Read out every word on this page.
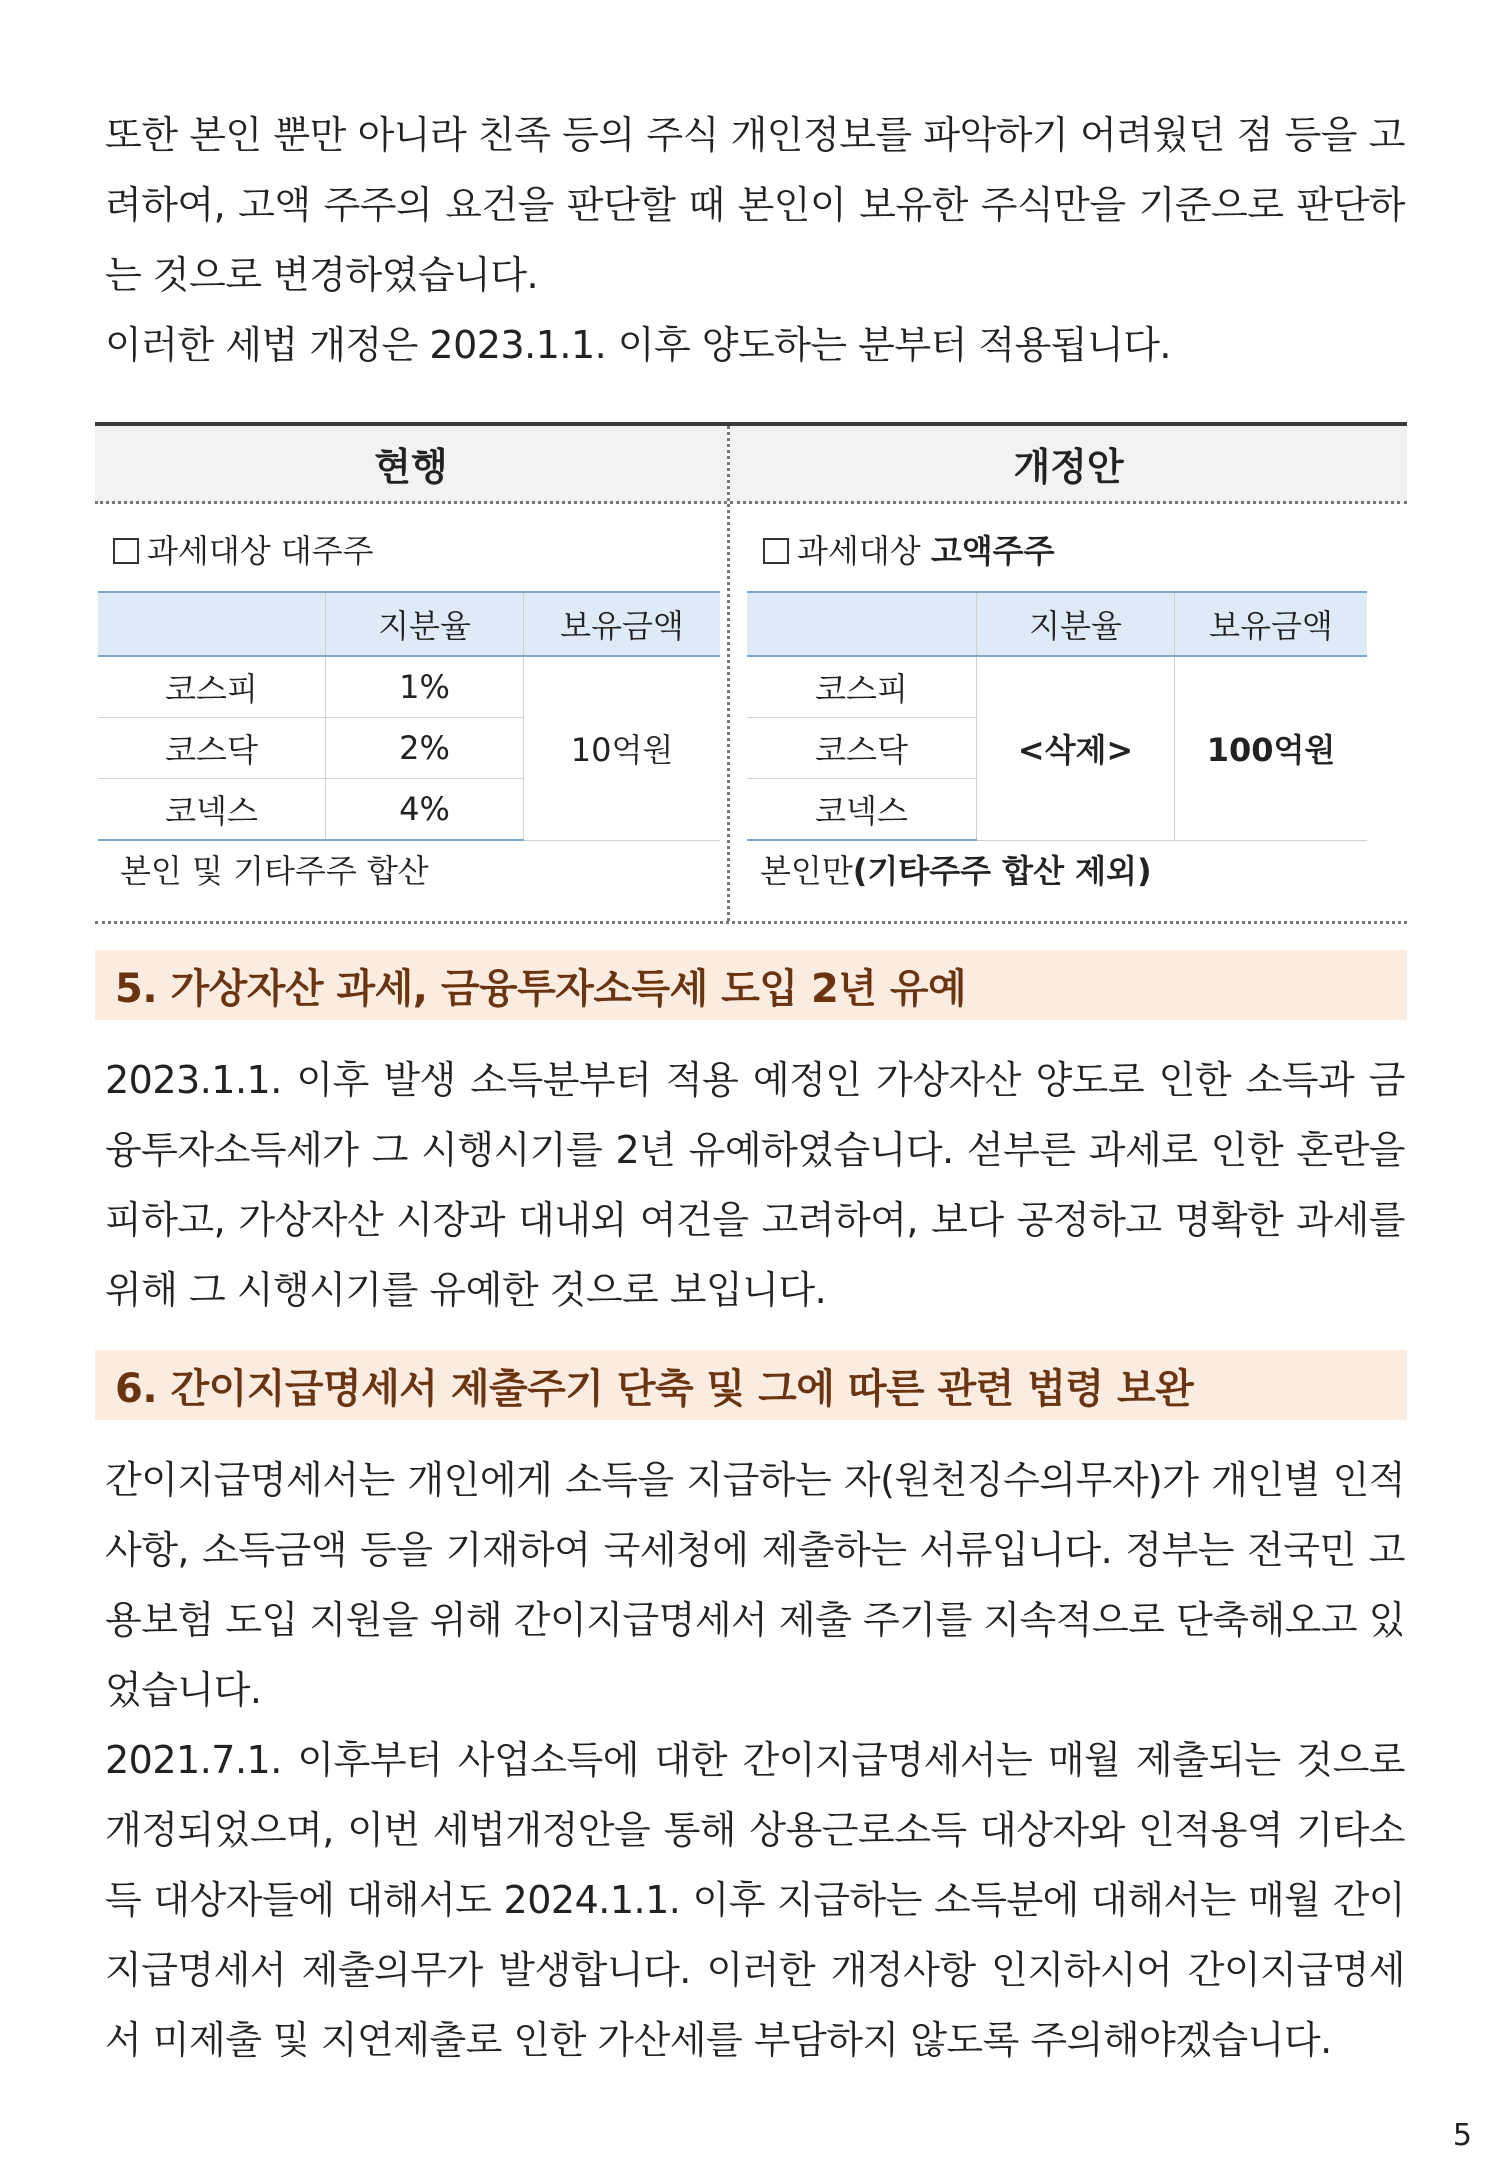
또한 본인 뿐만 아니라 친족 등의 주식 개인정보를 파악하기 어려웠던 점 등을 고려하여, 고액 주주의 요건을 판단할 때 본인이 보유한 주식만을 기준으로 판단하는 것으로 변경하였습니다.

이러한 세법 개정은 2023.1.1. 이후 양도하는 분부터 적용됩니다.

현행
과세대상 대주주
	지분율	보유금액
코스피	1%	10억원
코스닥	2%	
코넥스	4%	
본인 및 기타주주 합산
개정안
과세대상 고액주주
	지분율	보유금액
코스피	<삭제>	100억원
코스닥		
코넥스		
본인만(기타주주 합산 제외)
5. 가상자산 과세, 금융투자소득세 도입 2년 유예

2023.1.1. 이후 발생 소득분부터 적용 예정인 가상자산 양도로 인한 소득과 금융투자소득세가 그 시행시기를 2년 유예하였습니다. 섣부른 과세로 인한 혼란을 피하고, 가상자산 시장과 대내외 여건을 고려하여, 보다 공정하고 명확한 과세를 위해 그 시행시기를 유예한 것으로 보입니다.

6. 간이지급명세서 제출주기 단축 및 그에 따른 관련 법령 보완

간이지급명세서는 개인에게 소득을 지급하는 자(원천징수의무자)가 개인별 인적사항, 소득금액 등을 기재하여 국세청에 제출하는 서류입니다. 정부는 전국민 고용보험 도입 지원을 위해 간이지급명세서 제출 주기를 지속적으로 단축해오고 있었습니다.

2021.7.1. 이후부터 사업소득에 대한 간이지급명세서는 매월 제출되는 것으로 개정되었으며, 이번 세법개정안을 통해 상용근로소득 대상자와 인적용역 기타소득 대상자들에 대해서도 2024.1.1. 이후 지급하는 소득분에 대해서는 매월 간이지급명세서 제출의무가 발생합니다. 이러한 개정사항 인지하시어 간이지급명세서 미제출 및 지연제출로 인한 가산세를 부담하지 않도록 주의해야겠습니다.

5
